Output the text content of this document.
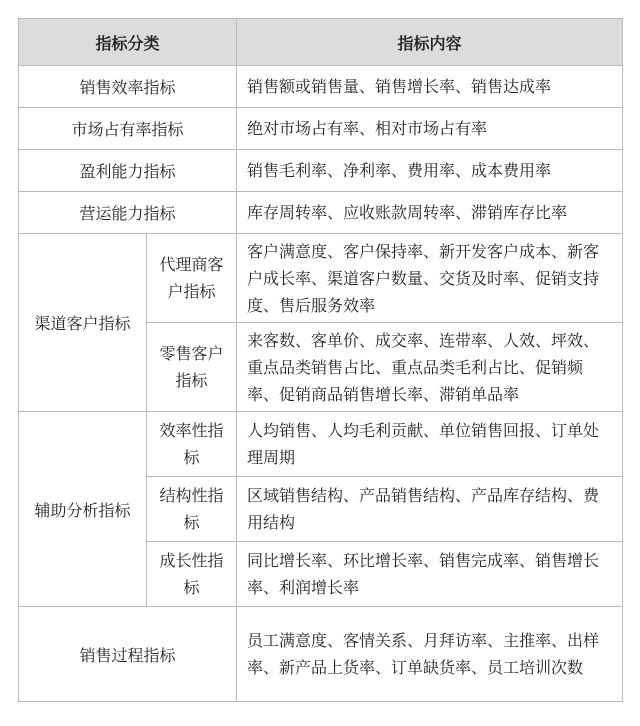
指标分类		指标内容
销售效率指标		销售额或销售量、销售增长率、销售达成率
市场占有率指标		绝对市场占有率、相对市场占有率
盈利能力指标		销售毛利率、净利率、费用率、成本费用率
营运能力指标		库存周转率、应收账款周转率、滞销库存比率
渠道客户指标	代理商客户指标	客户满意度、客户保持率、新开发客户成本、新客户成长率、渠道客户数量、交货及时率、促销支持度、售后服务效率
	零售客户指标	来客数、客单价、成交率、连带率、人效、坪效、重点品类销售占比、重点品类毛利占比、促销频率、促销商品销售增长率、滞销单品率
辅助分析指标	效率性指标	人均销售、人均毛利贡献、单位销售回报、订单处理周期
	结构性指标	区域销售结构、产品销售结构、产品库存结构、费用结构
	成长性指标	同比增长率、环比增长率、销售完成率、销售增长率、利润增长率
销售过程指标		员工满意度、客情关系、月拜访率、主推率、出样率、新产品上货率、订单缺货率、员工培训次数
